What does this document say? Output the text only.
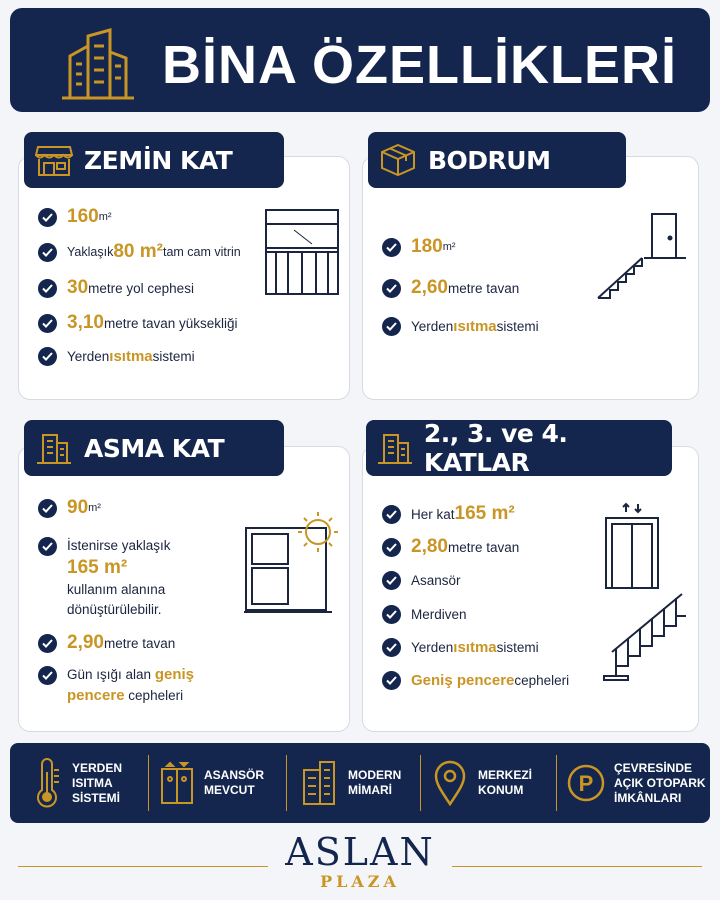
BİNA ÖZELLİKLERİ
ZEMİN KAT
160 m²
Yaklaşık 80 m² tam cam vitrin
30 metre yol cephesi
3,10 metre tavan yüksekliği
Yerden ısıtma sistemi
BODRUM
180 m²
2,60 metre tavan
Yerden ısıtma sistemi
ASMA KAT
90 m²
İstenirse yaklaşık
165 m²
kullanım alanına
dönüştürülebilir.
2,90 metre tavan
Gün ışığı alan geniş
pencere cepheleri
2., 3. ve 4. KATLAR
Her kat 165 m²
2,80 metre tavan
Asansör
Merdiven
Yerden ısıtma sistemi
Geniş pencere cepheleri
YERDEN
ISITMA
SİSTEMİ
ASANSÖR
MEVCUT
MODERN
MİMARİ
MERKEZİ
KONUM	P
ÇEVRESİNDE
AÇIK OTOPARK
İMKÂNLARI
ASLAN
PLAZA
